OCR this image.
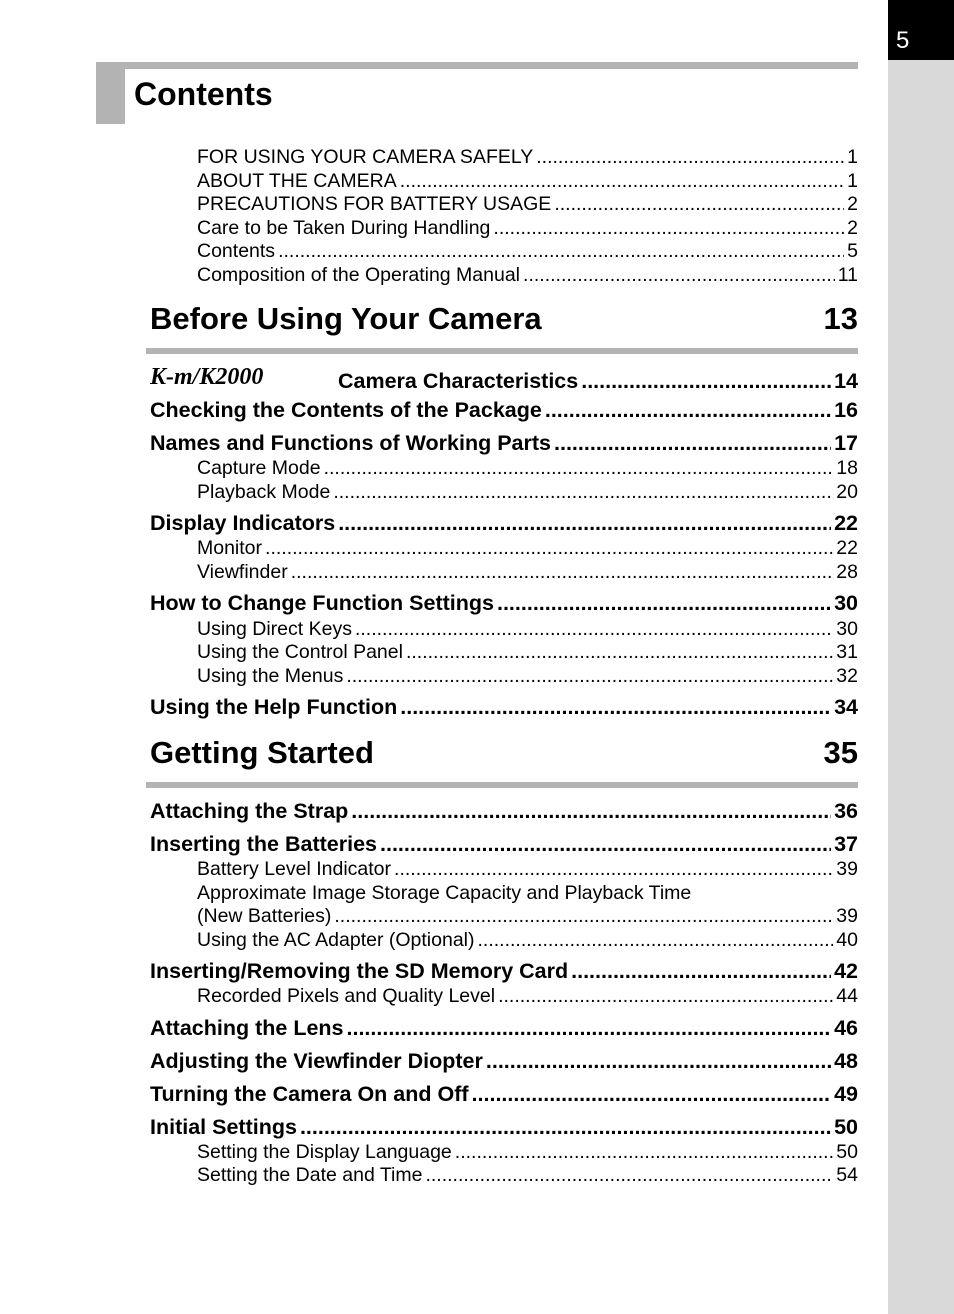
5
Contents
FOR USING YOUR CAMERA SAFELY .....	1
ABOUT THE CAMERA .....	1
PRECAUTIONS FOR BATTERY USAGE .....	2
Care to be Taken During Handling .....	2
Contents .....	5
Composition of the Operating Manual .....	11
Before Using Your Camera	13
K-m/K2000	Camera Characteristics .....	14
Checking the Contents of the Package .....	16
Names and Functions of Working Parts .....	17
Capture Mode .....	18
Playback Mode .....	20
Display Indicators .....	22
Monitor .....	22
Viewfinder .....	28
How to Change Function Settings .....	30
Using Direct Keys .....	30
Using the Control Panel .....	31
Using the Menus .....	32
Using the Help Function .....	34
Getting Started	35
Attaching the Strap .....	36
Inserting the Batteries .....	37
Battery Level Indicator .....	39
Approximate Image Storage Capacity and Playback Time
(New Batteries) .....	39
Using the AC Adapter (Optional) .....	40
Inserting/Removing the SD Memory Card .....	42
Recorded Pixels and Quality Level .....	44
Attaching the Lens .....	46
Adjusting the Viewfinder Diopter .....	48
Turning the Camera On and Off .....	49
Initial Settings .....	50
Setting the Display Language .....	50
Setting the Date and Time .....	54
